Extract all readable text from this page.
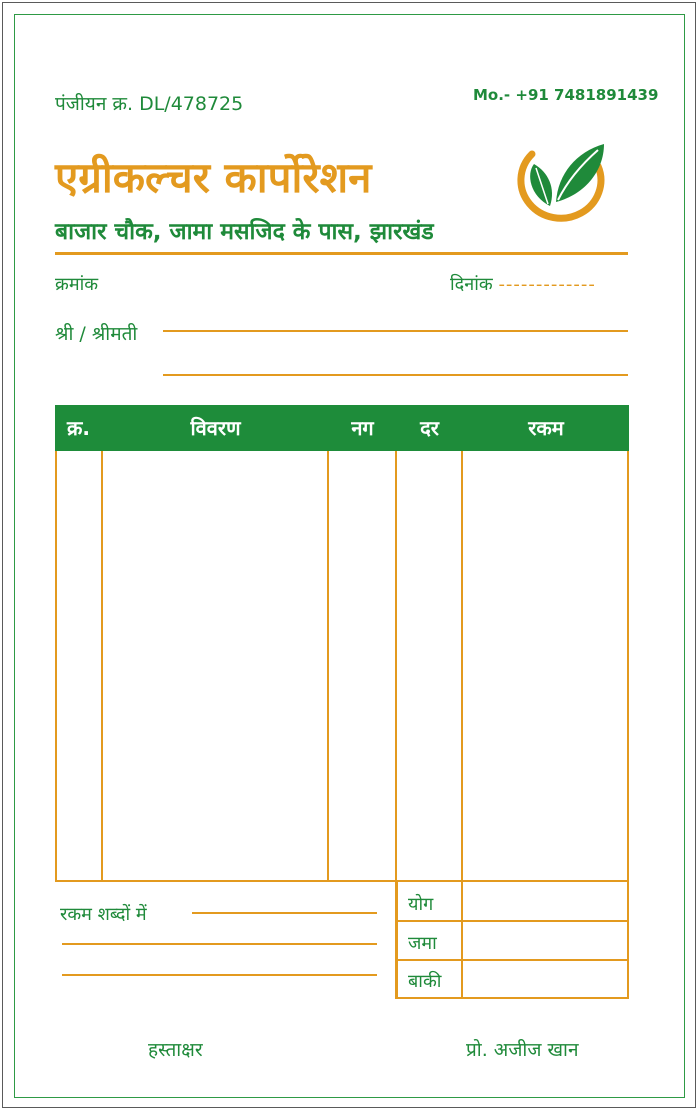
पंजीयन क्र. DL/478725	Mo.- +91 7481891439
एग्रीकल्चर कार्पोरेशन
बाजार चौक, जामा मसजिद के पास, झारखंड
क्रमांक	दिनांक -------------
श्री / श्रीमती
क्र.	विवरण	नग	दर	रकम
रकम शब्दों में	योग
जमा
बाकी
हस्ताक्षर	प्रो. अजीज खान
